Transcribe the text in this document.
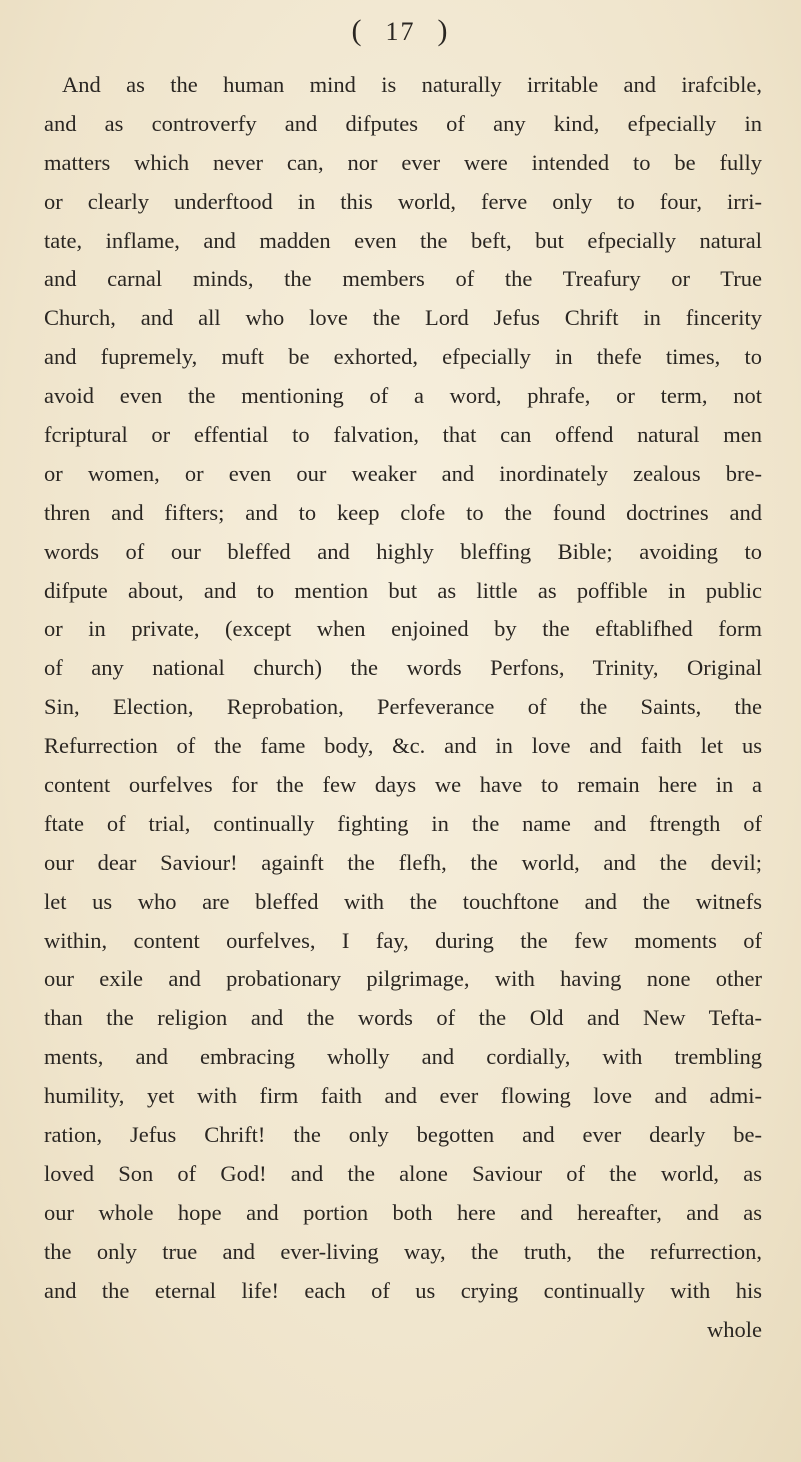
( 17 )
And as the human mind is naturally irritable and irafcible,
and as controverfy and difputes of any kind, efpecially in
matters which never can, nor ever were intended to be fully
or clearly underftood in this world, ferve only to four, irri-
tate, inflame, and madden even the beft, but efpecially natural
and carnal minds, the members of the Treafury or True
Church, and all who love the Lord Jefus Chrift in fincerity
and fupremely, muft be exhorted, efpecially in thefe times, to
avoid even the mentioning of a word, phrafe, or term, not
fcriptural or effential to falvation, that can offend natural men
or women, or even our weaker and inordinately zealous bre-
thren and fifters; and to keep clofe to the found doctrines and
words of our bleffed and highly bleffing Bible; avoiding to
difpute about, and to mention but as little as poffible in public
or in private, (except when enjoined by the eftablifhed form
of any national church) the words Perfons, Trinity, Original
Sin, Election, Reprobation, Perfeverance of the Saints, the
Refurrection of the fame body, &c. and in love and faith let us
content ourfelves for the few days we have to remain here in a
ftate of trial, continually fighting in the name and ftrength of
our dear Saviour! againft the flefh, the world, and the devil;
let us who are bleffed with the touchftone and the witnefs
within, content ourfelves, I fay, during the few moments of
our exile and probationary pilgrimage, with having none other
than the religion and the words of the Old and New Tefta-
ments, and embracing wholly and cordially, with trembling
humility, yet with firm faith and ever flowing love and admi-
ration, Jefus Chrift! the only begotten and ever dearly be-
loved Son of God! and the alone Saviour of the world, as
our whole hope and portion both here and hereafter, and as
the only true and ever-living way, the truth, the refurrection,
and the eternal life! each of us crying continually with his
whole
